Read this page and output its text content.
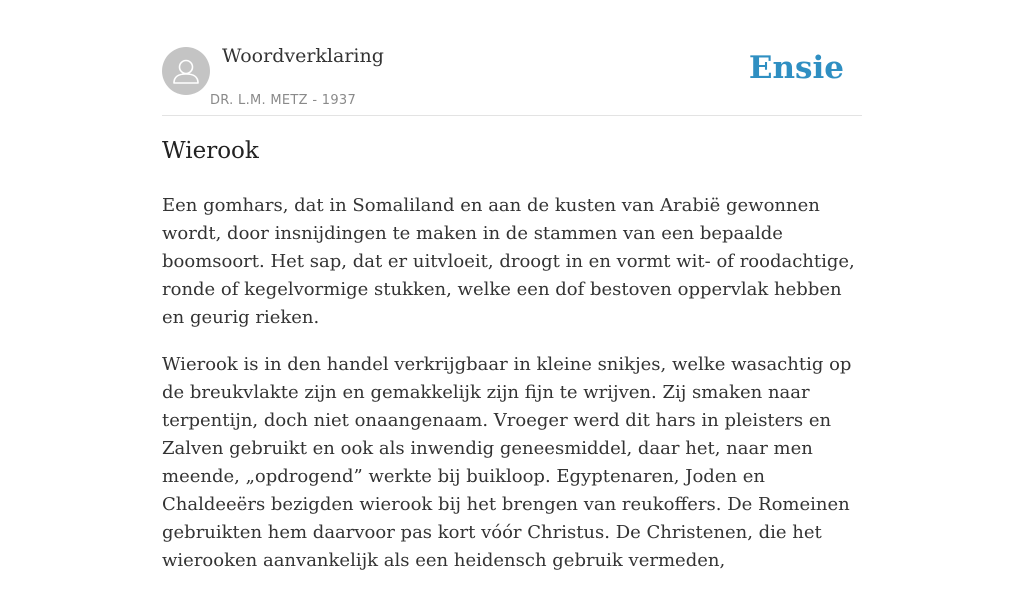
Woordverklaring
DR. L.M. METZ - 1937
Ensie
Wierook

Een gomhars, dat in Somaliland en aan de kusten van Arabië gewonnen wordt, door insnijdingen te maken in de stammen van een bepaalde boomsoort. Het sap, dat er uitvloeit, droogt in en vormt wit- of roodachtige, ronde of kegelvormige stukken, welke een dof bestoven oppervlak hebben en geurig rieken.

Wierook is in den handel verkrijgbaar in kleine snikjes, welke wasachtig op de breukvlakte zijn en gemakkelijk zijn fijn te wrijven. Zij smaken naar terpentijn, doch niet onaangenaam. Vroeger werd dit hars in pleisters en Zalven gebruikt en ook als inwendig geneesmiddel, daar het, naar men meende, „opdrogend” werkte bij buikloop. Egyptenaren, Joden en Chaldeeërs bezigden wierook bij het brengen van reukoffers. De Romeinen gebruikten hem daarvoor pas kort vóór Christus. De Christenen, die het wierooken aanvankelijk als een heidensch gebruik vermeden,
